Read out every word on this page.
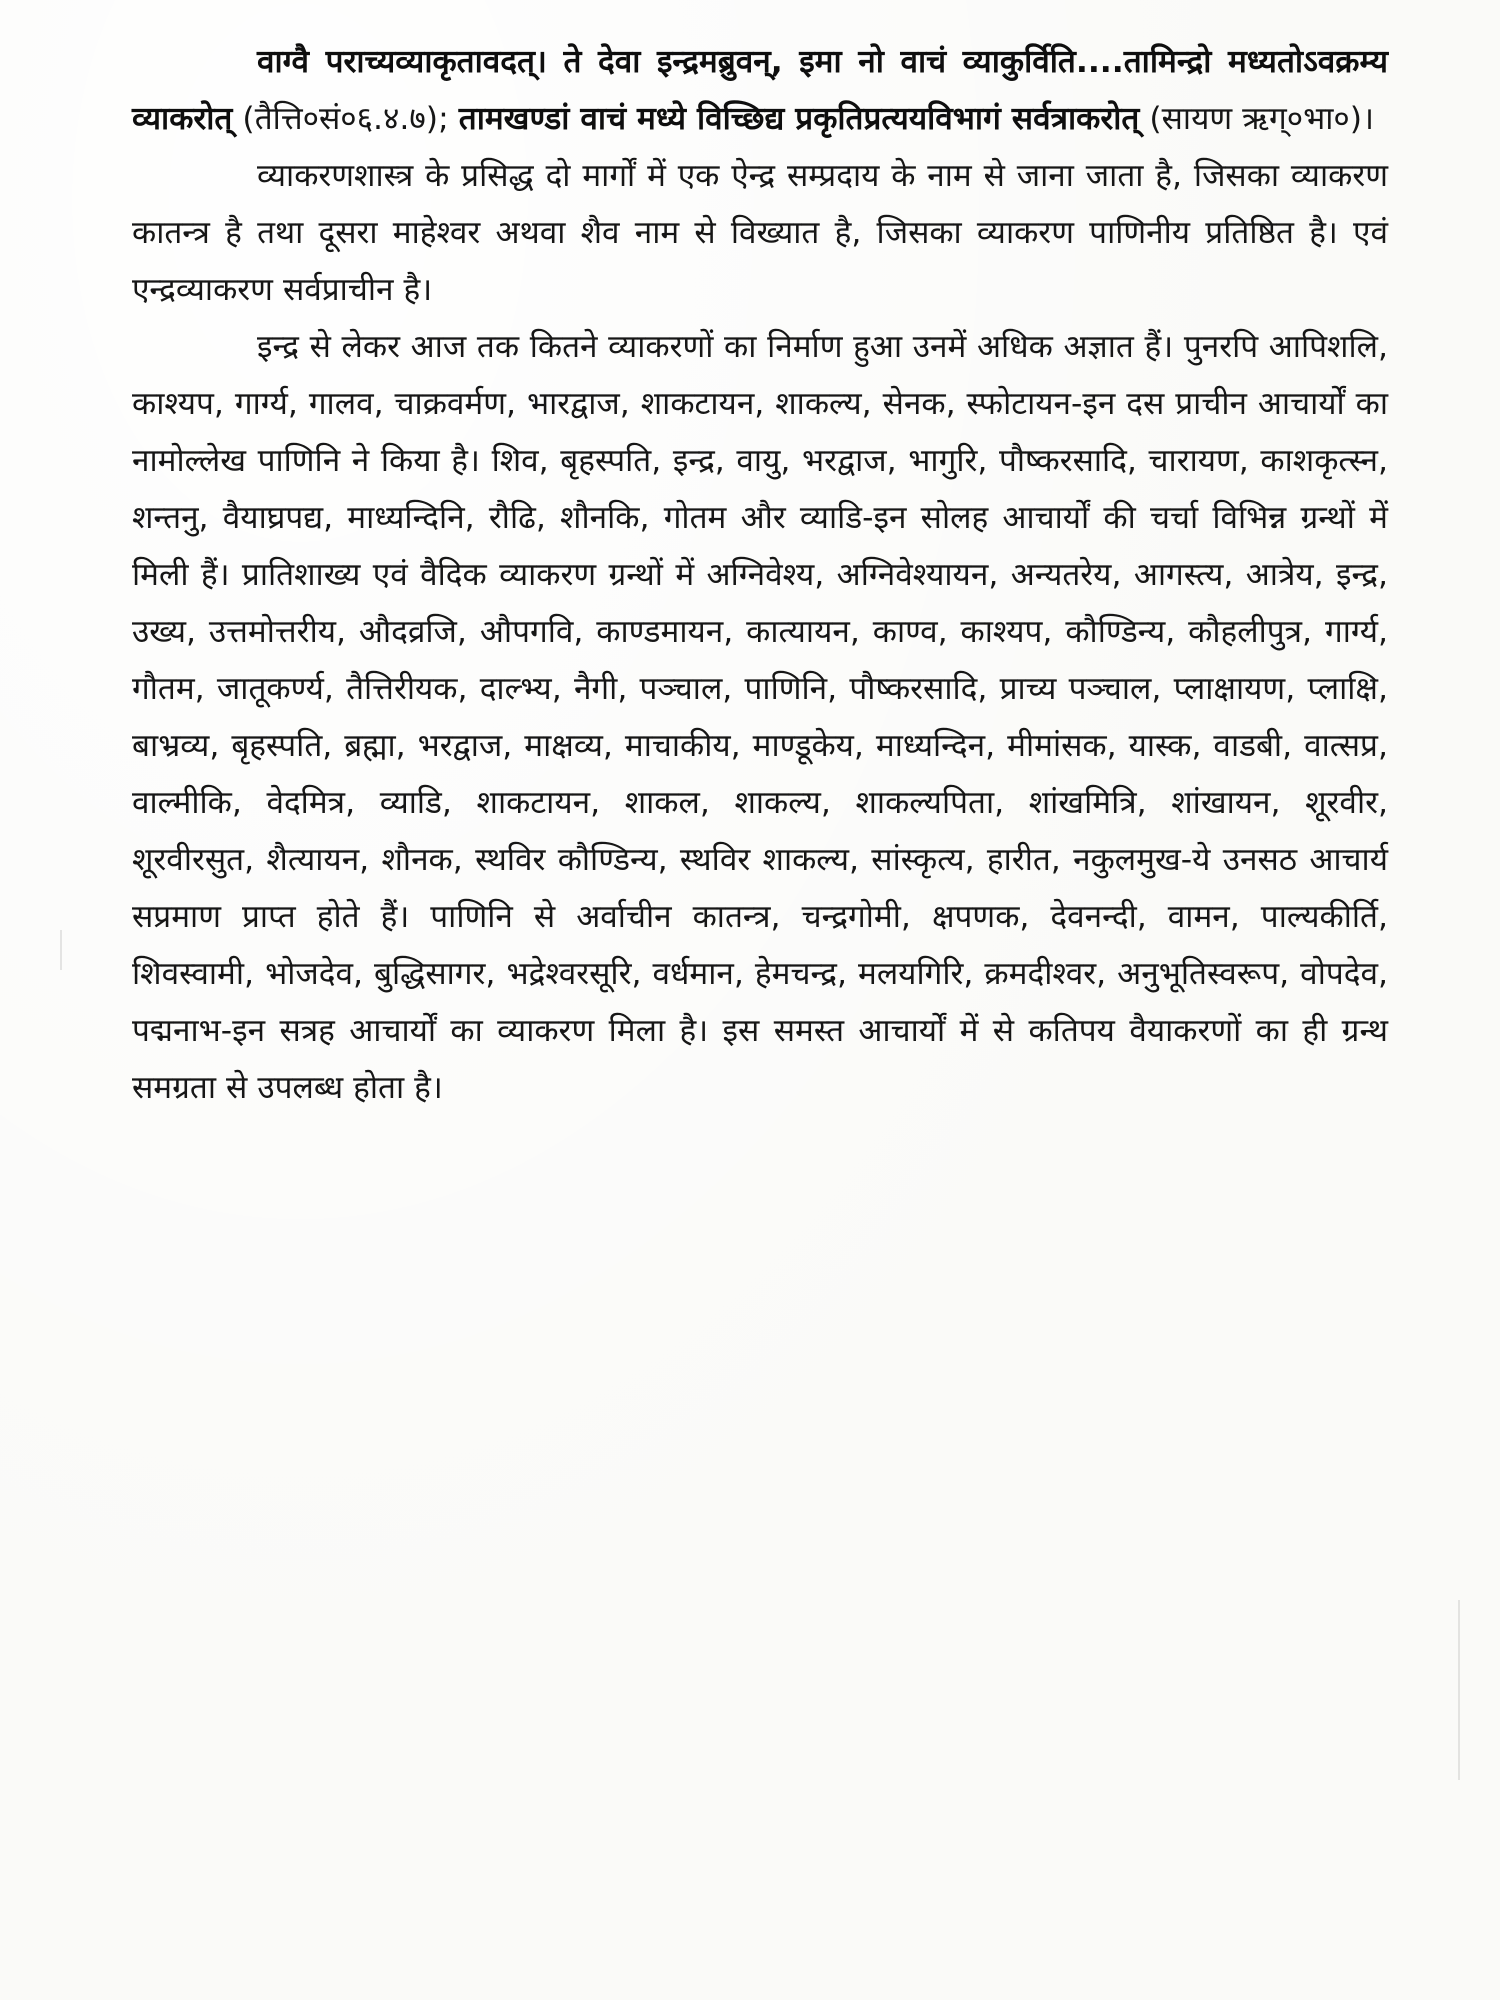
वाग्वै पराच्यव्याकृतावदत्। ते देवा इन्द्रमब्रुवन्, इमा नो वाचं व्याकुर्विति....तामिन्द्रो मध्यतोऽवक्रम्य व्याकरोत् (तैत्ति०सं०६.४.७); तामखण्डां वाचं मध्ये विच्छिद्य प्रकृतिप्रत्ययविभागं सर्वत्राकरोत् (सायण ऋग्०भा०)।

व्याकरणशास्त्र के प्रसिद्ध दो मार्गों में एक ऐन्द्र सम्प्रदाय के नाम से जाना जाता है, जिसका व्याकरण कातन्त्र है तथा दूसरा माहेश्वर अथवा शैव नाम से विख्यात है, जिसका व्याकरण पाणिनीय प्रतिष्ठित है। एवं एन्द्रव्याकरण सर्वप्राचीन है।

इन्द्र से लेकर आज तक कितने व्याकरणों का निर्माण हुआ उनमें अधिक अज्ञात हैं। पुनरपि आपिशलि, काश्यप, गार्ग्य, गालव, चाक्रवर्मण, भारद्वाज, शाकटायन, शाकल्य, सेनक, स्फोटायन-इन दस प्राचीन आचार्यों का नामोल्लेख पाणिनि ने किया है। शिव, बृहस्पति, इन्द्र, वायु, भरद्वाज, भागुरि, पौष्करसादि, चारायण, काशकृत्स्न, शन्तनु, वैयाघ्रपद्य, माध्यन्दिनि, रौढि, शौनकि, गोतम और व्याडि-इन सोलह आचार्यों की चर्चा विभिन्न ग्रन्थों में मिली हैं। प्रातिशाख्य एवं वैदिक व्याकरण ग्रन्थों में अग्निवेश्य, अग्निवेश्यायन, अन्यतरेय, आगस्त्य, आत्रेय, इन्द्र, उख्य, उत्तमोत्तरीय, औदव्रजि, औपगवि, काण्डमायन, कात्यायन, काण्व, काश्यप, कौण्डिन्य, कौहलीपुत्र, गार्ग्य, गौतम, जातूकर्ण्य, तैत्तिरीयक, दाल्भ्य, नैगी, पञ्चाल, पाणिनि, पौष्करसादि, प्राच्य पञ्चाल, प्लाक्षायण, प्लाक्षि, बाभ्रव्य, बृहस्पति, ब्रह्मा, भरद्वाज, माक्षव्य, माचाकीय, माण्डूकेय, माध्यन्दिन, मीमांसक, यास्क, वाडबी, वात्सप्र, वाल्मीकि, वेदमित्र, व्याडि, शाकटायन, शाकल, शाकल्य, शाकल्यपिता, शांखमित्रि, शांखायन, शूरवीर, शूरवीरसुत, शैत्यायन, शौनक, स्थविर कौण्डिन्य, स्थविर शाकल्य, सांस्कृत्य, हारीत, नकुलमुख-ये उनसठ आचार्य सप्रमाण प्राप्त होते हैं। पाणिनि से अर्वाचीन कातन्त्र, चन्द्रगोमी, क्षपणक, देवनन्दी, वामन, पाल्यकीर्ति, शिवस्वामी, भोजदेव, बुद्धिसागर, भद्रेश्वरसूरि, वर्धमान, हेमचन्द्र, मलयगिरि, क्रमदीश्वर, अनुभूतिस्वरूप, वोपदेव, पद्मनाभ-इन सत्रह आचार्यों का व्याकरण मिला है। इस समस्त आचार्यों में से कतिपय वैयाकरणों का ही ग्रन्थ समग्रता से उपलब्ध होता है।
